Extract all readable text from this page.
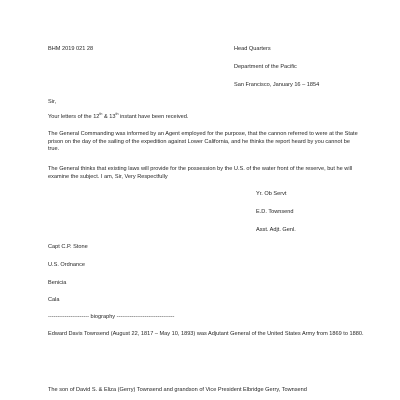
BHM 2019 021 28	Head Quarters
Department of the Pacific
San Francisco, January 16 – 1854
Sir,
Your letters of the 12th & 13th instant have been received.
The General Commanding was informed by an Agent employed for the purpose, that the cannon referred to were at the State prison on the day of the sailing of the expedition against Lower California, and he thinks the report heard by you cannot be true.
The General thinks that existing laws will provide for the possession by the U.S. of the water front of the reserve, but he will examine the subject. I am, Sir, Very Respectfully
Yr. Ob Servt
E.D. Townsend
Asst. Adjt. Genl.
Capt C.P. Stone
U.S. Ordnance
Benicia
Cala
---------------------- biography -------------------------------
Edward Davis Townsend (August 22, 1817 – May 10, 1893) was Adjutant General of the United States Army from 1869 to 1880.
The son of David S. & Eliza (Gerry) Townsend and grandson of Vice President Elbridge Gerry, Townsend
